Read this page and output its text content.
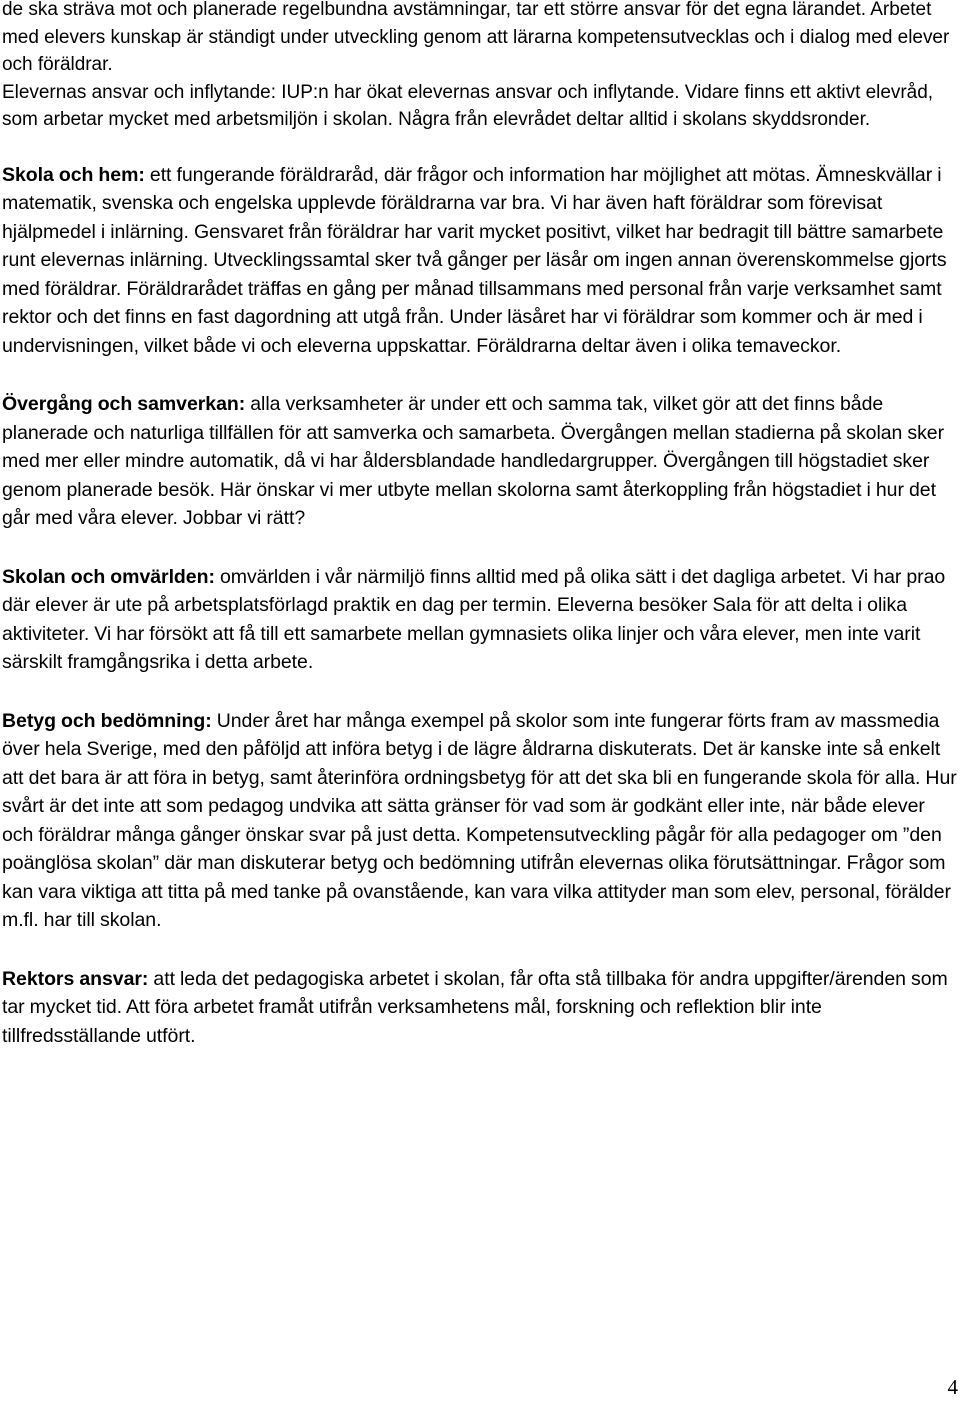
de ska sträva mot och planerade regelbundna avstämningar, tar ett större ansvar för det egna lärandet. Arbetet med elevers kunskap är ständigt under utveckling genom att lärarna kompetensutvecklas och i dialog med elever och föräldrar.
Elevernas ansvar och inflytande: IUP:n har ökat elevernas ansvar och inflytande. Vidare finns ett aktivt elevråd, som arbetar mycket med arbetsmiljön i skolan. Några från elevrådet deltar alltid i skolans skyddsronder.

Skola och hem: ett fungerande föräldraråd, där frågor och information har möjlighet att mötas. Ämneskvällar i matematik, svenska och engelska upplevde föräldrarna var bra. Vi har även haft föräldrar som förevisat hjälpmedel i inlärning. Gensvaret från föräldrar har varit mycket positivt, vilket har bedragit till bättre samarbete runt elevernas inlärning. Utvecklingssamtal sker två gånger per läsår om ingen annan överenskommelse gjorts med föräldrar. Föräldrarådet träffas en gång per månad tillsammans med personal från varje verksamhet samt rektor och det finns en fast dagordning att utgå från. Under läsåret har vi föräldrar som kommer och är med i undervisningen, vilket både vi och eleverna uppskattar. Föräldrarna deltar även i olika temaveckor.

Övergång och samverkan: alla verksamheter är under ett och samma tak, vilket gör att det finns både planerade och naturliga tillfällen för att samverka och samarbeta. Övergången mellan stadierna på skolan sker med mer eller mindre automatik, då vi har åldersblandade handledargrupper. Övergången till högstadiet sker genom planerade besök. Här önskar vi mer utbyte mellan skolorna samt återkoppling från högstadiet i hur det går med våra elever. Jobbar vi rätt?

Skolan och omvärlden: omvärlden i vår närmiljö finns alltid med på olika sätt i det dagliga arbetet. Vi har prao där elever är ute på arbetsplatsförlagd praktik en dag per termin. Eleverna besöker Sala för att delta i olika aktiviteter. Vi har försökt att få till ett samarbete mellan gymnasiets olika linjer och våra elever, men inte varit särskilt framgångsrika i detta arbete.

Betyg och bedömning: Under året har många exempel på skolor som inte fungerar förts fram av massmedia över hela Sverige, med den påföljd att införa betyg i de lägre åldrarna diskuterats. Det är kanske inte så enkelt att det bara är att föra in betyg, samt återinföra ordningsbetyg för att det ska bli en fungerande skola för alla. Hur svårt är det inte att som pedagog undvika att sätta gränser för vad som är godkänt eller inte, när både elever och föräldrar många gånger önskar svar på just detta. Kompetensutveckling pågår för alla pedagoger om ”den poänglösa skolan” där man diskuterar betyg och bedömning utifrån elevernas olika förutsättningar. Frågor som kan vara viktiga att titta på med tanke på ovanstående, kan vara vilka attityder man som elev, personal, förälder m.fl. har till skolan.

Rektors ansvar: att leda det pedagogiska arbetet i skolan, får ofta stå tillbaka för andra uppgifter/ärenden som tar mycket tid. Att föra arbetet framåt utifrån verksamhetens mål, forskning och reflektion blir inte tillfredsställande utfört.

4
